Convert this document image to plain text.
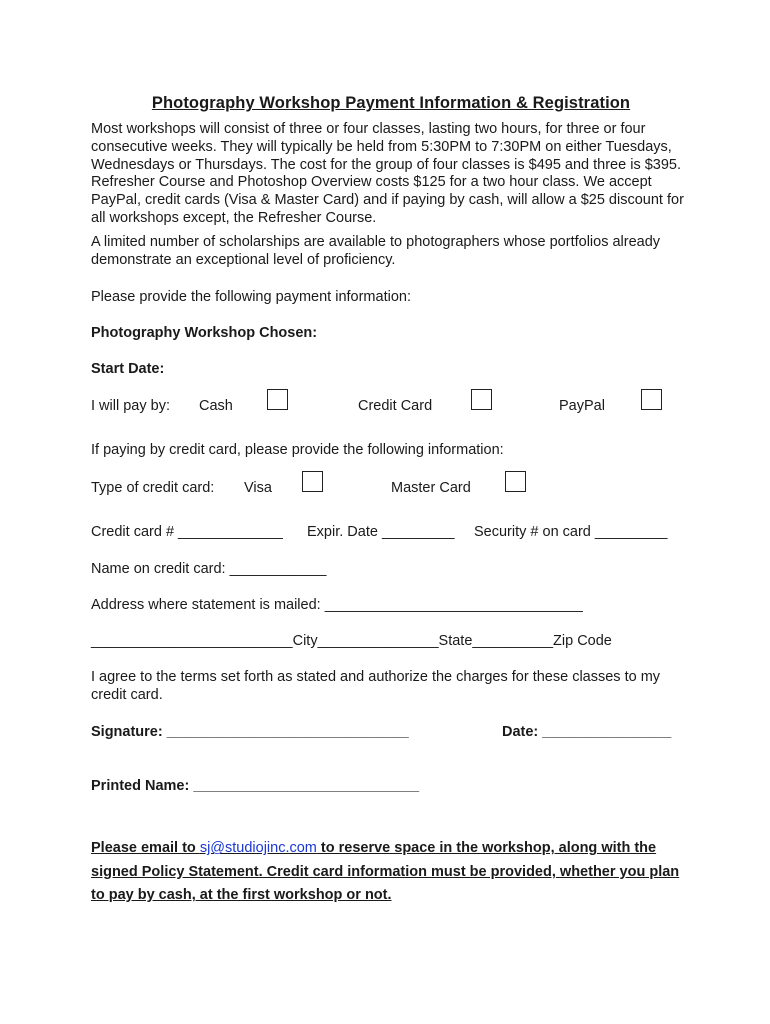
Photography Workshop Payment Information & Registration
Most workshops will consist of three or four classes, lasting two hours, for three or four consecutive weeks. They will typically be held from 5:30PM to 7:30PM on either Tuesdays, Wednesdays or Thursdays. The cost for the group of four classes is $495 and three is $395. Refresher Course and Photoshop Overview costs $125 for a two hour class. We accept PayPal, credit cards (Visa & Master Card) and if paying by cash, will allow a $25 discount for all workshops except, the Refresher Course.
A limited number of scholarships are available to photographers whose portfolios already demonstrate an exceptional level of proficiency.
Please provide the following payment information:
Photography Workshop Chosen:
Start Date:
I will pay by: Cash	Credit Card	PayPal
If paying by credit card, please provide the following information:
Type of credit card: Visa	Master Card
Credit card # _____________ Expir. Date _________ Security # on card _________
Name on credit card: ____________
Address where statement is mailed: ________________________________
_________________________City_______________State__________Zip Code
I agree to the terms set forth as stated and authorize the charges for these classes to my credit card.
Signature: ______________________________	Date: ________________
Printed Name: ____________________________
Please email to sj@studiojinc.com to reserve space in the workshop, along with the signed Policy Statement. Credit card information must be provided, whether you plan to pay by cash, at the first workshop or not.
